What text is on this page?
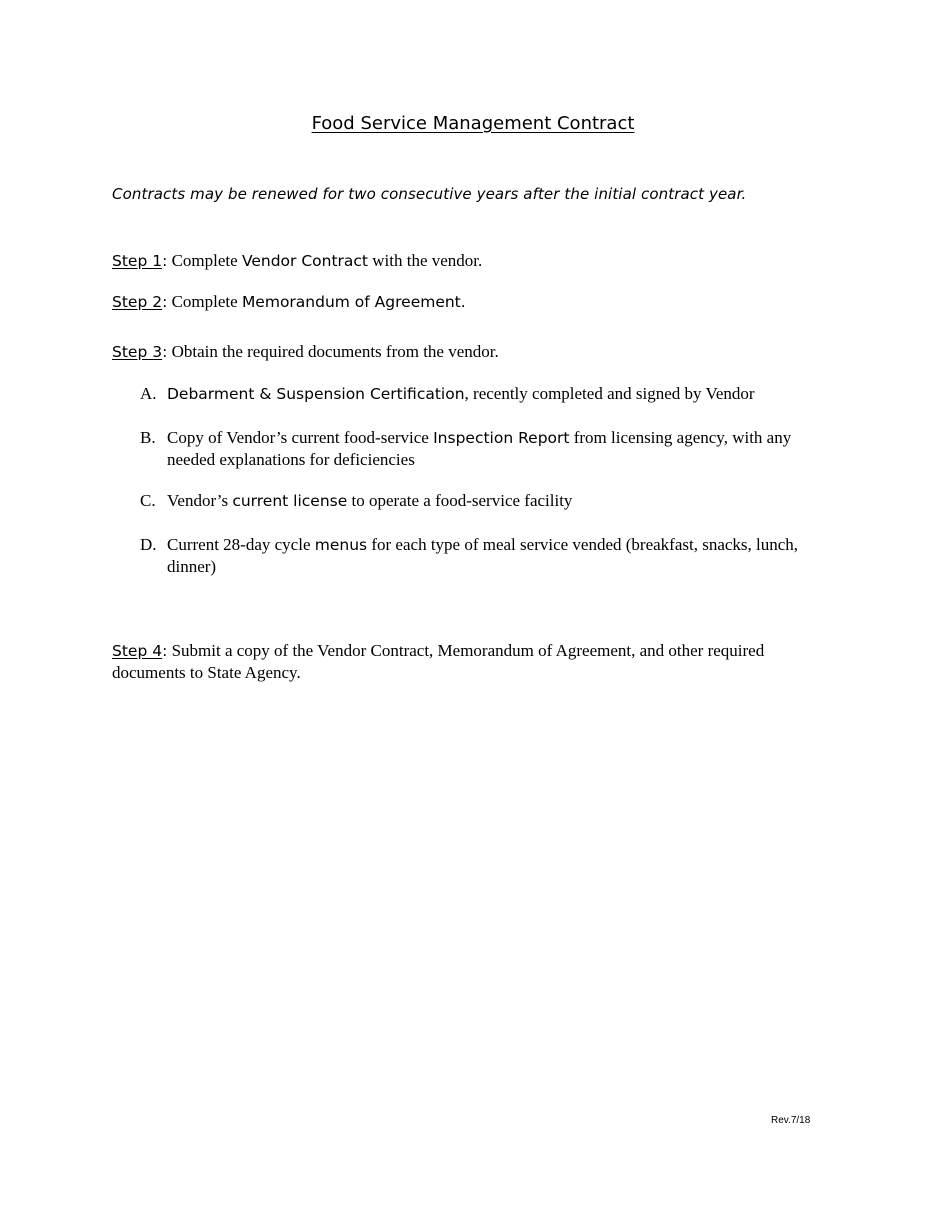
Food Service Management Contract
Contracts may be renewed for two consecutive years after the initial contract year.
Step 1: Complete Vendor Contract with the vendor.
Step 2: Complete Memorandum of Agreement.
Step 3: Obtain the required documents from the vendor.
A. Debarment & Suspension Certification, recently completed and signed by Vendor
B. Copy of Vendor’s current food-service Inspection Report from licensing agency, with any needed explanations for deficiencies
C. Vendor’s current license to operate a food-service facility
D. Current 28-day cycle menus for each type of meal service vended (breakfast, snacks, lunch, dinner)
Step 4: Submit a copy of the Vendor Contract, Memorandum of Agreement, and other required documents to State Agency.
Rev.7/18
